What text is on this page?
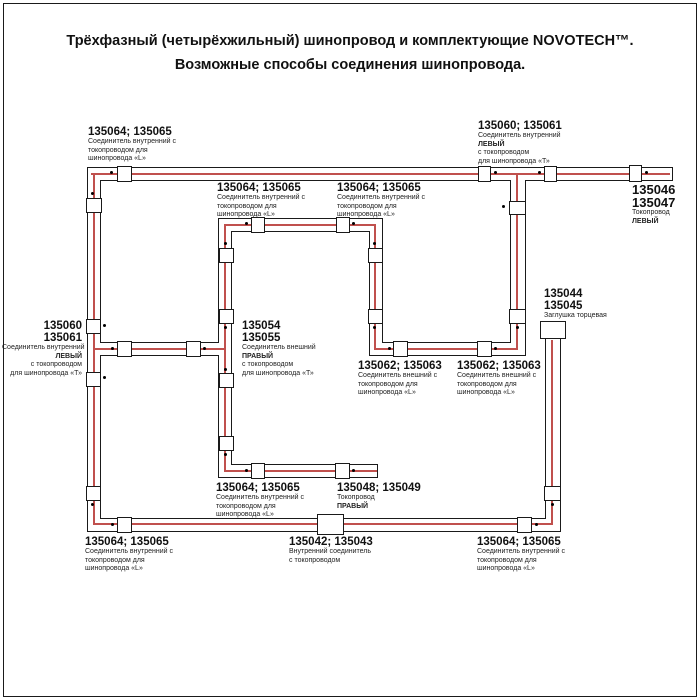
Трёхфазный (четырёхжильный) шинопровод и комплектующие NOVOTECH™.
Возможные способы соединения шинопровода.
135064; 135065
Соединитель внутренний с
токопроводом для
шинопровода «L»
135060; 135061
Соединитель внутренний
ЛЕВЫЙ
с токопроводом
для шинопровода «Т»
135046
135047
Токопровод
ЛЕВЫЙ
135064; 135065
Соединитель внутренний с
токопроводом для
шинопровода «L»
135064; 135065
Соединитель внутренний с
токопроводом для
шинопровода «L»
135044
135045
Заглушка торцевая
135060
135061
Соединитель внутренний
ЛЕВЫЙ
с токопроводом
для шинопровода «Т»
135054
135055
Соединитель внешний
ПРАВЫЙ
с токопроводом
для шинопровода «Т»
135062; 135063
Соединитель внешний с
токопроводом для
шинопровода «L»
135062; 135063
Соединитель внешний с
токопроводом для
шинопровода «L»
135064; 135065
Соединитель внутренний с
токопроводом для
шинопровода «L»
135048; 135049
Токопровод
ПРАВЫЙ
135064; 135065
Соединитель внутренний с
токопроводом для
шинопровода «L»
135042; 135043
Внутренний соединитель
с токопроводом
135064; 135065
Соединитель внутренний с
токопроводом для
шинопровода «L»
